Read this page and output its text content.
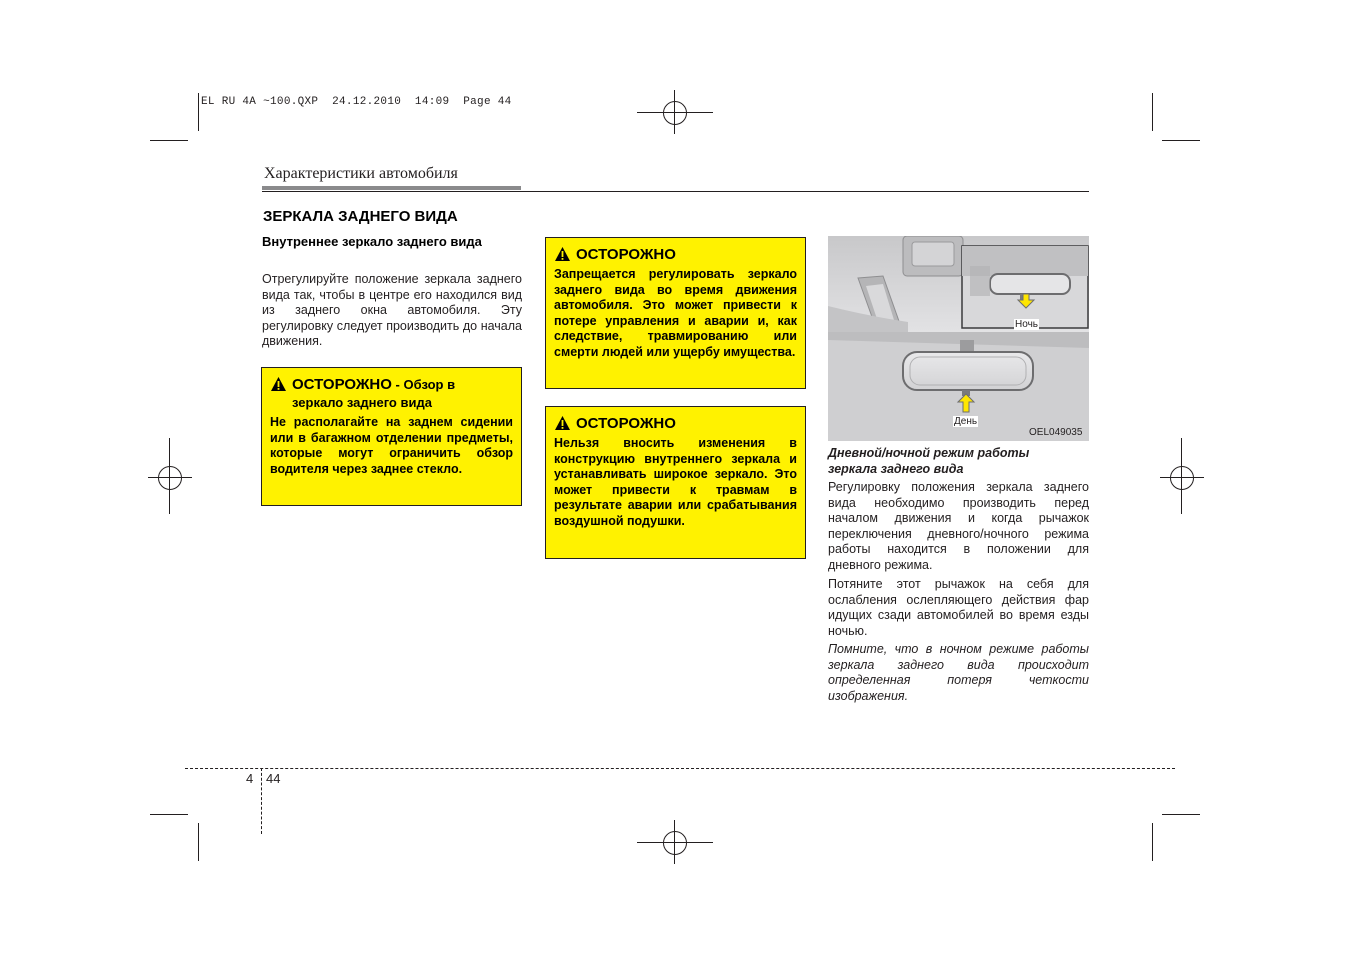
EL RU 4A ~100.QXP  24.12.2010  14:09  Page 44
Характеристики автомобиля
ЗЕРКАЛА ЗАДНЕГО ВИДА
Внутреннее зеркало заднего вида
Отрегулируйте положение зеркала заднего вида так, чтобы в центре его находился вид из заднего окна автомобиля. Эту регулировку следует производить до начала движения.
ОСТОРОЖНО - Обзор в
зеркало заднего вида
Не располагайте на заднем сидении или в багажном отделении предметы, которые могут ограничить обзор водителя через заднее стекло.
ОСТОРОЖНО
Запрещается регулировать зеркало заднего вида во время движения автомобиля. Это может привести к потере управления и аварии и, как следствие, травмированию или смерти людей или ущербу имущества.
ОСТОРОЖНО
Нельзя вносить изменения в конструкцию внутреннего зеркала и устанавливать широкое зеркало. Это может привести к травмам в результате аварии или срабатывания воздушной подушки.
Ночь
День
OEL049035
Дневной/ночной режим работы зеркала заднего вида
Регулировку положения зеркала заднего вида необходимо производить перед началом движения и когда рычажок переключения дневного/ночного режима работы находится в положении для дневного режима.
Потяните этот рычажок на себя для ослабления ослепляющего действия фар идущих сзади автомобилей во время езды ночью.
Помните, что в ночном режиме работы зеркала заднего вида происходит определенная потеря четкости изображения.
4 44
